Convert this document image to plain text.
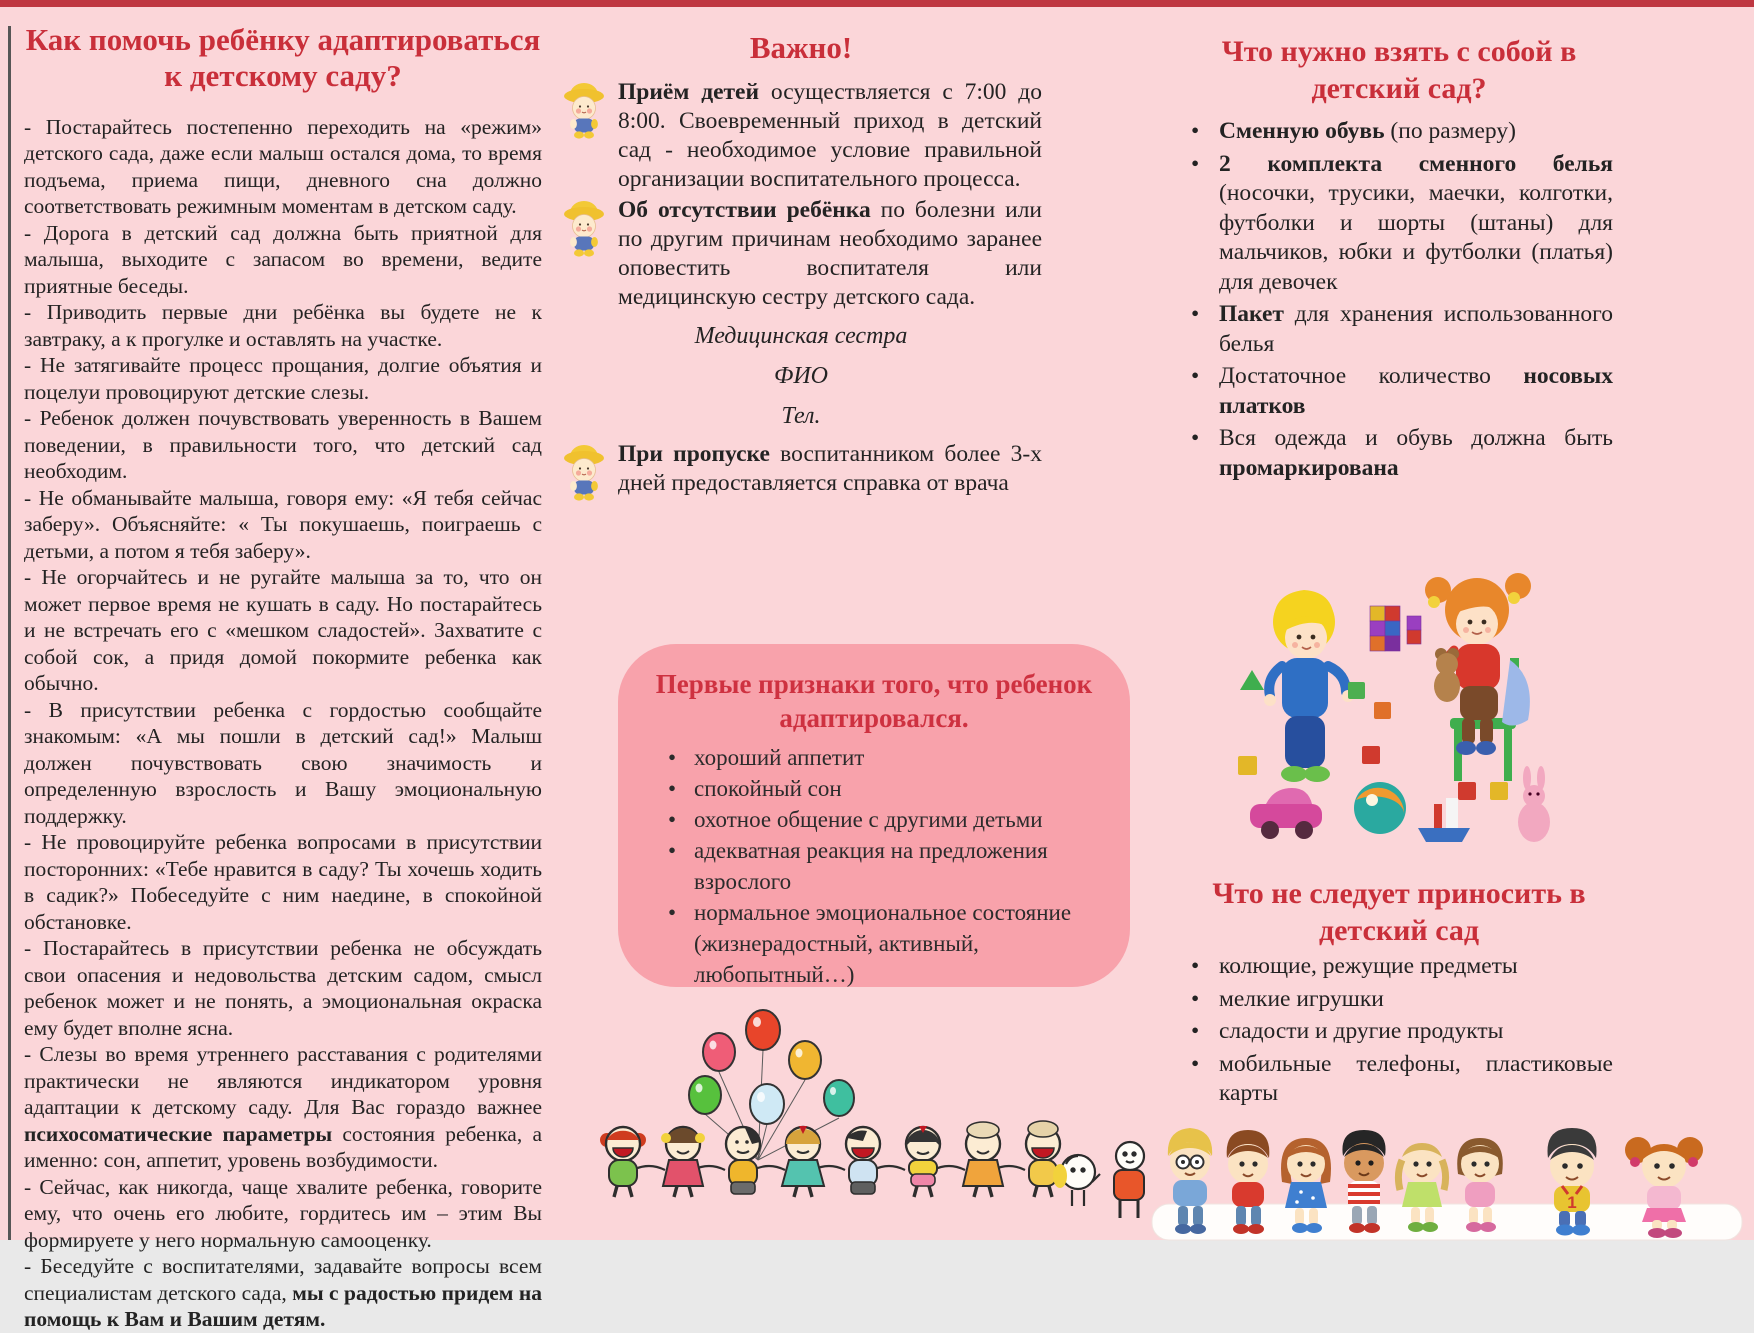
Как помочь ребёнку адаптироваться к детскому саду?

- Постарайтесь постепенно переходить на «режим» детского сада, даже если малыш остался дома, то время подъема, приема пищи, дневного сна должно соответствовать режимным моментам в детском саду.

- Дорога в детский сад должна быть приятной для малыша, выходите с запасом во времени, ведите приятные беседы.

- Приводить первые дни ребёнка вы будете не к завтраку, а к прогулке и оставлять на участке.

- Не затягивайте процесс прощания, долгие объятия и поцелуи провоцируют детские слезы.

- Ребенок должен почувствовать уверенность в Вашем поведении, в правильности того, что детский сад необходим.

- Не обманывайте малыша, говоря ему: «Я тебя сейчас заберу». Объясняйте: « Ты покушаешь, поиграешь с детьми, а потом я тебя заберу».

- Не огорчайтесь и не ругайте малыша за то, что он может первое время не кушать в саду. Но постарайтесь и не встречать его с «мешком сладостей». Захватите с собой сок, а придя домой покормите ребенка как обычно.

- В присутствии ребенка с гордостью сообщайте знакомым: «А мы пошли в детский сад!» Малыш должен почувствовать свою значимость и определенную взрослость и Вашу эмоциональную поддержку.

- Не провоцируйте ребенка вопросами в присутствии посторонних: «Тебе нравится в саду? Ты хочешь ходить в садик?» Побеседуйте с ним наедине, в спокойной обстановке.

- Постарайтесь в присутствии ребенка не обсуждать свои опасения и недовольства детским садом, смысл ребенок может и не понять, а эмоциональная окраска ему будет вполне ясна.

- Слезы во время утреннего расставания с родителями практически не являются индикатором уровня адаптации к детскому саду. Для Вас гораздо важнее психосоматические параметры состояния ребенка, а именно: сон, аппетит, уровень возбудимости.

- Сейчас, как никогда, чаще хвалите ребенка, говорите ему, что очень его любите, гордитесь им – этим Вы формируете у него нормальную самооценку.

- Беседуйте с воспитателями, задавайте вопросы всем специалистам детского сада, мы с радостью придем на помощь к Вам и Вашим детям.

Важно!
Приём детей осуществляется с 7:00 до 8:00. Своевременный приход в детский сад - необходимое условие правильной организации воспитательного процесса.
Об отсутствии ребёнка по болезни или по другим причинам необходимо заранее оповестить воспитателя или медицинскую сестру детского сада.
Медицинская сестра
ФИО
Тел.
При пропуске воспитанником более 3-х дней предоставляется справка от врача
Первые признаки того, что ребенок адаптировался.
• хороший аппетит
• спокойный сон
• охотное общение с другими детьми
• адекватная реакция на предложения взрослого
• нормальное эмоциональное состояние (жизнерадостный, активный, любопытный…)
Что нужно взять с собой в детский сад?
• Сменную обувь (по размеру)
• 2 комплекта сменного белья (носочки, трусики, маечки, колготки, футболки и шорты (штаны) для мальчиков, юбки и футболки (платья) для девочек
• Пакет для хранения использованного белья
• Достаточное количество носовых платков
• Вся одежда и обувь должна быть промаркирована
Что не следует приносить в детский сад
• колющие, режущие предметы
• мелкие игрушки
• сладости и другие продукты
• мобильные телефоны, пластиковые карты
1
